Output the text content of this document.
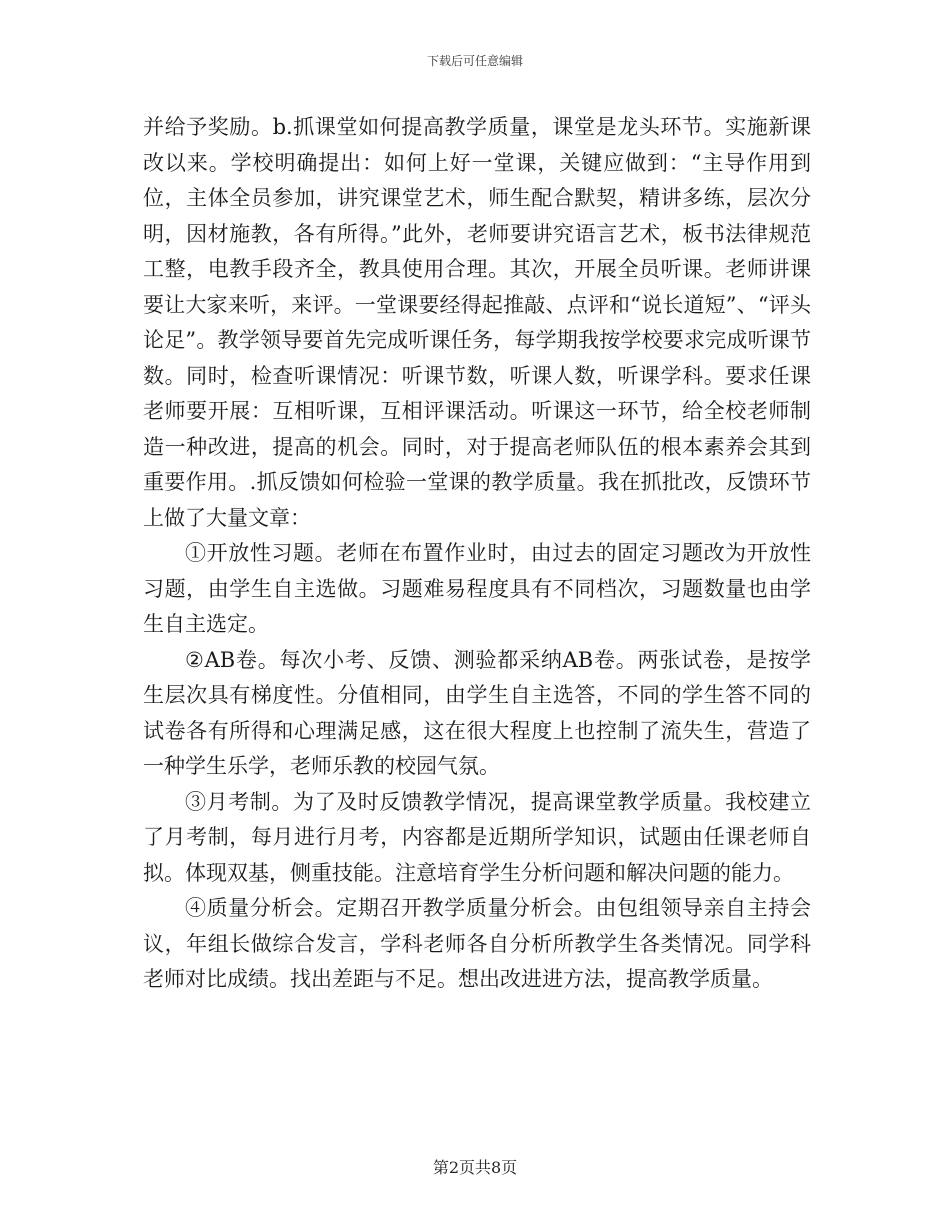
下载后可任意编辑

并给予奖励。b.抓课堂如何提高教学质量，课堂是龙头环节。实施新课改以来。学校明确提出：如何上好一堂课，关键应做到：“主导作用到位，主体全员参加，讲究课堂艺术，师生配合默契，精讲多练，层次分明，因材施教，各有所得。”此外，老师要讲究语言艺术，板书法律规范工整，电教手段齐全，教具使用合理。其次，开展全员听课。老师讲课要让大家来听，来评。一堂课要经得起推敲、点评和“说长道短”、“评头论足”。教学领导要首先完成听课任务，每学期我按学校要求完成听课节数。同时，检查听课情况：听课节数，听课人数，听课学科。要求任课老师要开展：互相听课，互相评课活动。听课这一环节，给全校老师制造一种改进，提高的机会。同时，对于提高老师队伍的根本素养会其到重要作用。.抓反馈如何检验一堂课的教学质量。我在抓批改，反馈环节上做了大量文章：

①开放性习题。老师在布置作业时，由过去的固定习题改为开放性习题，由学生自主选做。习题难易程度具有不同档次，习题数量也由学生自主选定。

②AB卷。每次小考、反馈、测验都采纳AB卷。两张试卷，是按学生层次具有梯度性。分值相同，由学生自主选答，不同的学生答不同的试卷各有所得和心理满足感，这在很大程度上也控制了流失生，营造了一种学生乐学，老师乐教的校园气氛。

③月考制。为了及时反馈教学情况，提高课堂教学质量。我校建立了月考制，每月进行月考，内容都是近期所学知识，试题由任课老师自拟。体现双基，侧重技能。注意培育学生分析问题和解决问题的能力。

④质量分析会。定期召开教学质量分析会。由包组领导亲自主持会议，年组长做综合发言，学科老师各自分析所教学生各类情况。同学科老师对比成绩。找出差距与不足。想出改进进方法，提高教学质量。

第2页共8页
